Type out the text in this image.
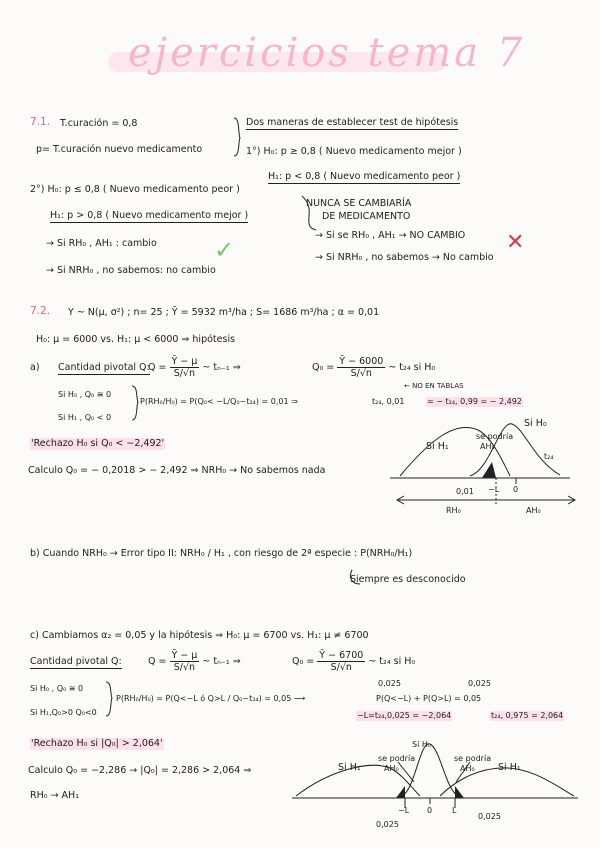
ejercicios tema 7
7.1. T.curación = 0,8
p= T.curación nuevo medicamento
Dos maneras de establecer test de hipótesis
1°) H₀: p ≥ 0,8 ( Nuevo medicamento mejor )
H₁: p < 0,8 ( Nuevo medicamento peor )
NUNCA SE CAMBIARÍA
DE MEDICAMENTO
→ Si se RH₀ , AH₁ → NO CAMBIO
→ Si NRH₀ , no sabemos → No cambio
2°) H₀: p ≤ 0,8 ( Nuevo medicamento peor )
H₁: p > 0,8 ( Nuevo medicamento mejor )
→ Si RH₀ , AH₁ : cambio
→ Si NRH₀ , no sabemos: no cambio
✓	✕
7.2. Y ~ N(μ, σ²) ; n= 25 ; Ȳ = 5932 m³/ha ; S= 1686 m³/ha ; α = 0,01
H₀: μ = 6000 vs. H₁: μ < 6000 ⇒ hipótesis
a) Cantidad pivotal Q:
$Q = \frac{Ȳ - \mu}{S/√n}$ ~ tₙ₋₁ ⇒	$Q_0 = \frac{Ȳ - 6000}{S/√n}$ ~ t₂₄ si H₀
Si H₀ , Q₀ ≅ 0
Si H₁ , Q₀ < 0
P(RH₀/H₀) = P(Q₀< −L/Q₀~t₂₄) = 0,01 ⇒	t₂₄, 0,01	= − t₂₄, 0,99 = − 2,492
← NO EN TABLAS
'Rechazo H₀ si Q₀ < −2,492'
Calculo Q₀ = − 0,2018 > − 2,492 ⇒ NRH₀ → No sabemos nada
Si H₁
Si H₀
se podría
AH₀
t₂₄
−L 0
0,01
RH₀	AH₀
b) Cuando NRH₀ → Error tipo II: NRH₀ / H₁ , con riesgo de 2ª especie : P(NRH₀/H₁)
Siempre es desconocido
c) Cambiamos α₂ = 0,05 y la hipótesis ⇒ H₀: μ = 6700 vs. H₁: μ ≠ 6700
Cantidad pivotal Q:	$Q = \frac{Ȳ - \mu}{S/√n}$ ~ tₙ₋₁ ⇒	$Q_0 = \frac{Ȳ - 6700}{S/√n}$ ~ t₂₄ si H₀
Si H₀ , Q₀ ≅ 0
Si H₁,Q₀>0 Q₀<0
P(RH₀/H₀) = P(Q<−L ó Q>L / Q₀~t₂₄) = 0,05 ⟶	P(Q<−L) + P(Q>L) = 0,05
0,025	0,025
−L=t₂₄,0,025 = −2,064	t₂₄, 0,975 = 2,064
'Rechazo H₀ si |Q₀| > 2,064'
Calculo Q₀ = −2,286 → |Q₀| = 2,286 > 2,064 ⇒
RH₀ → AH₁
Si H₁	Si H₁
Si H₀
se podría
AH₀
se podría
AH₀
−L 0 L
0,025
0,025
